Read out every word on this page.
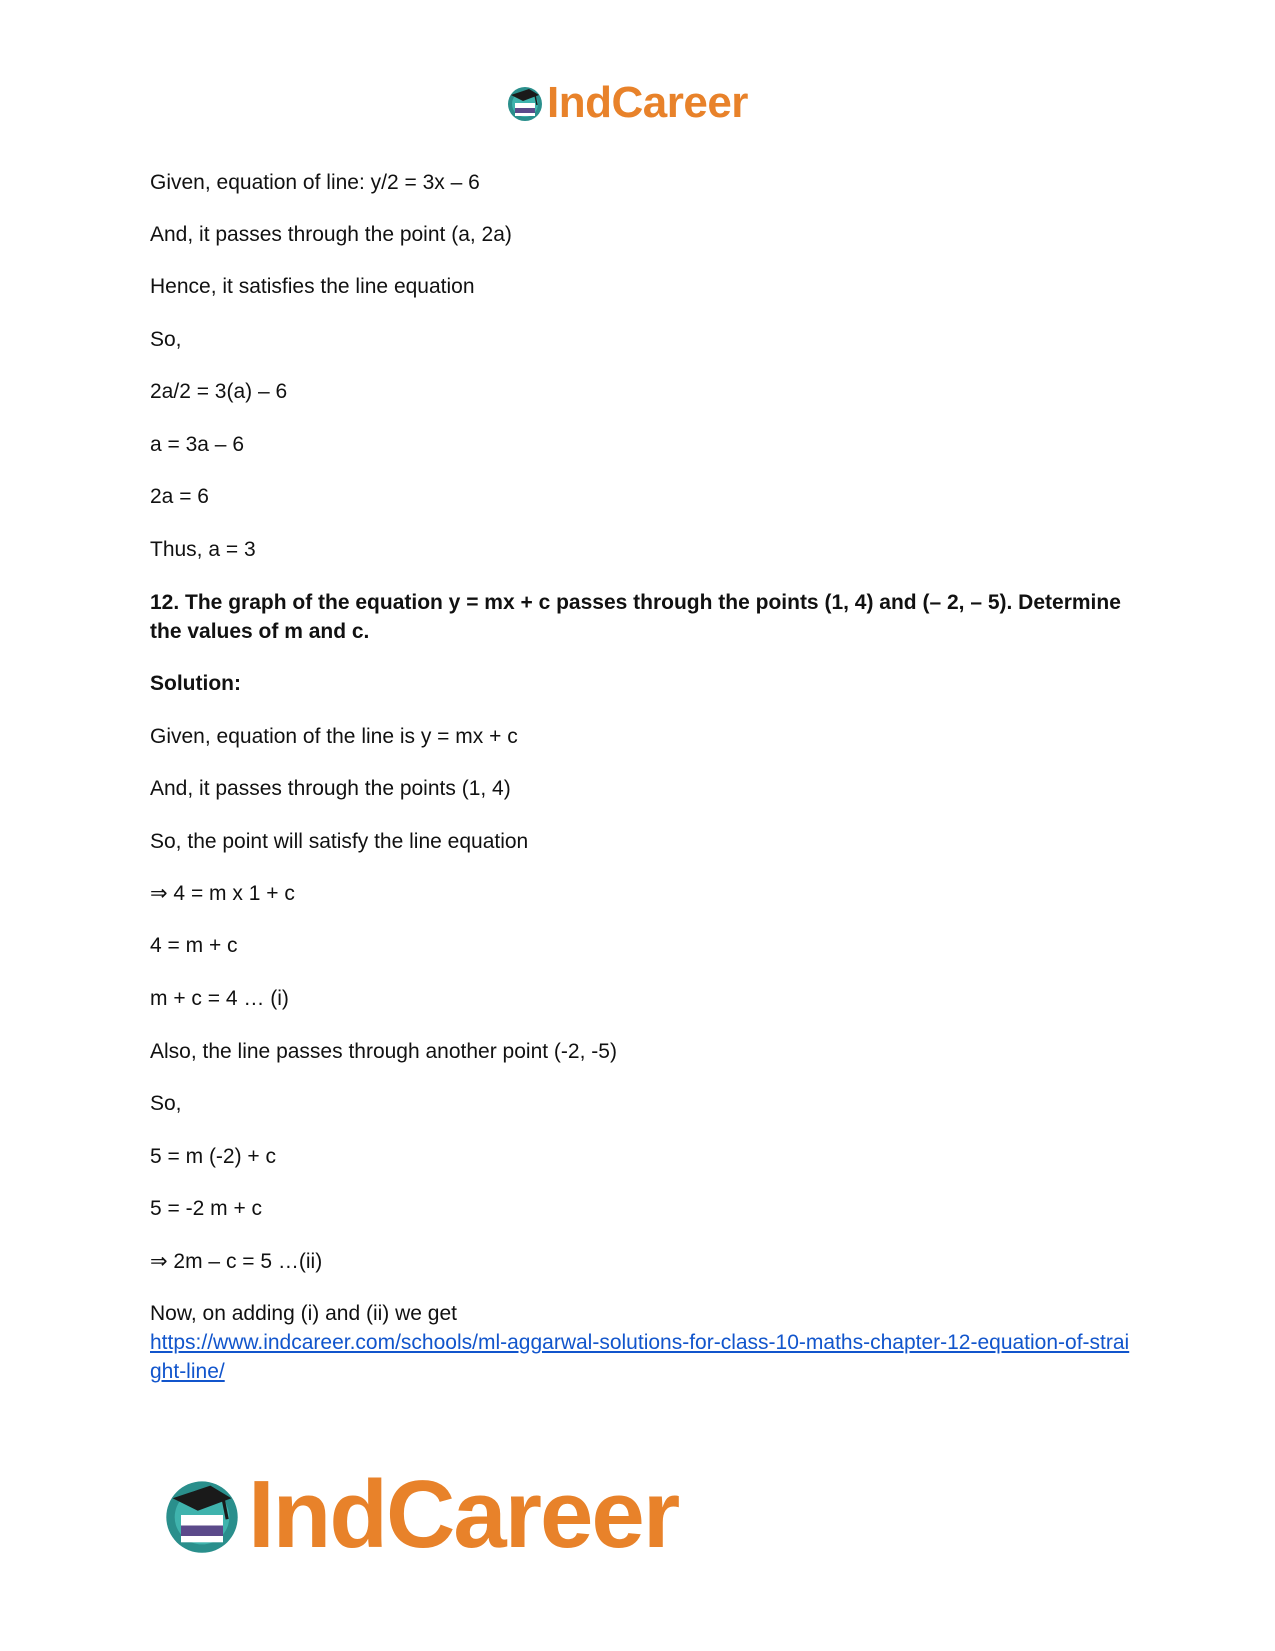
IndCareer
Given, equation of line: y/2 = 3x – 6
And, it passes through the point (a, 2a)
Hence, it satisfies the line equation
So,
2a/2 = 3(a) – 6
a = 3a – 6
2a = 6
Thus, a = 3
12. The graph of the equation y = mx + c passes through the points (1, 4) and (– 2, – 5). Determine the values of m and c.
Solution:
Given, equation of the line is y = mx + c
And, it passes through the points (1, 4)
So, the point will satisfy the line equation
⇒ 4 = m x 1 + c
4 = m + c
m + c = 4 … (i)
Also, the line passes through another point (-2, -5)
So,
5 = m (-2) + c
5 = -2 m + c
⇒ 2m – c = 5 …(ii)
Now, on adding (i) and (ii) we get
https://www.indcareer.com/schools/ml-aggarwal-solutions-for-class-10-maths-chapter-12-equation-of-straight-line/
IndCareer
